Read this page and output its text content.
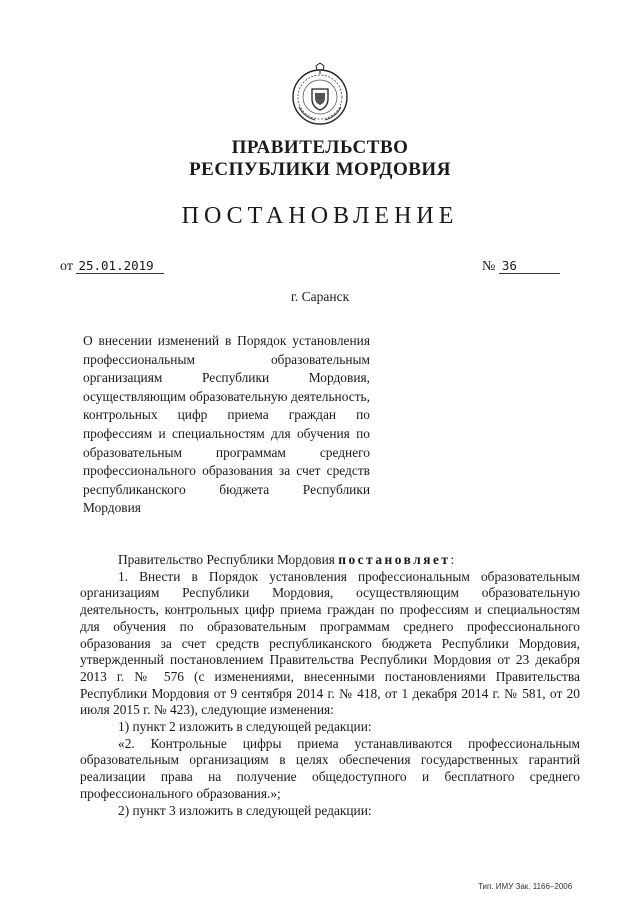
ПРАВИТЕЛЬСТВО
РЕСПУБЛИКИ МОРДОВИЯ
ПОСТАНОВЛЕНИЕ
от 25.01.2019	№ 36
г. Саранск
О внесении изменений в Порядок установления профессиональным образовательным организациям Республики Мордовия, осуществляющим образовательную деятельность, контрольных цифр приема граждан по профессиям и специальностям для обучения по образовательным программам среднего профессионального образования за счет средств республиканского бюджета Республики Мордовия

Правительство Республики Мордовия постановляет:

1. Внести в Порядок установления профессиональным образовательным организациям Республики Мордовия, осуществляющим образовательную деятельность, контрольных цифр приема граждан по профессиям и специальностям для обучения по образовательным программам среднего профессионального образования за счет средств республиканского бюджета Республики Мордовия, утвержденный постановлением Правительства Республики Мордовия от 23 декабря 2013 г. № 576 (с изменениями, внесенными постановлениями Правительства Республики Мордовия от 9 сентября 2014 г. № 418, от 1 декабря 2014 г. № 581, от 20 июля 2015 г. № 423), следующие изменения:

1) пункт 2 изложить в следующей редакции:

«2. Контрольные цифры приема устанавливаются профессиональным образовательным организациям в целях обеспечения государственных гарантий реализации права на получение общедоступного и бесплатного среднего профессионального образования.»;

2) пункт 3 изложить в следующей редакции:

Тип. ИМУ Зак. 1166–2006
